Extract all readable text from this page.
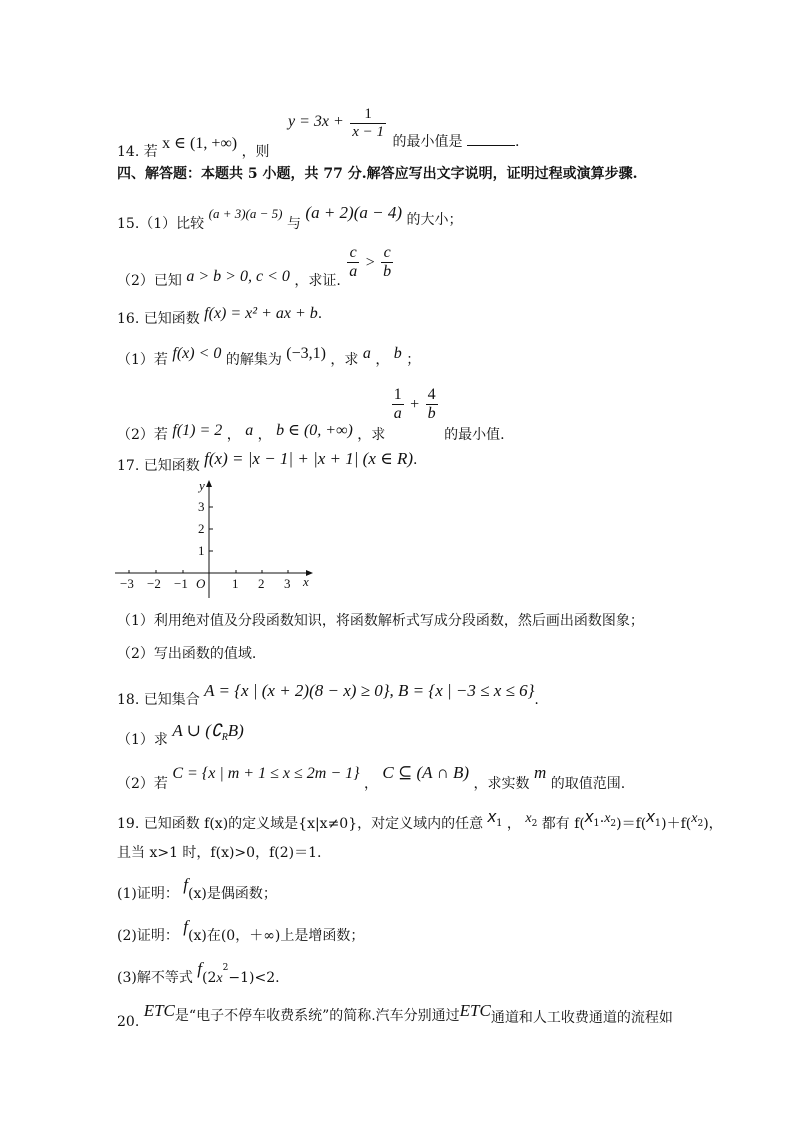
14. 若 x ∈ (1, +∞) ，则 $y = 3x + \frac{1}{x - 1}$
的最小值是	.
四、解答题：本题共 5 小题，共 77 分.解答应写出文字说明，证明过程或演算步骤.
15.（1）比较 (a + 3)(a − 5) 与 (a + 2)(a − 4) 的大小；
（2）已知 a > b > 0, c < 0 ，求证. $\frac{c}{a} > \frac{c}{b}$
16. 已知函数 f(x) = x² + ax + b.
（1）若 f(x) < 0 的解集为 (−3,1) ，求 a ， b ；
（2）若 f(1) = 2 ， a ， b ∈ (0, +∞) ，求
$\frac{1}{a} + \frac{4}{b}$
的最小值.
17. 已知函数 f(x) = |x − 1| + |x + 1| (x ∈ R).
−3 −2 −1 O 1 2 3 x
1
2
3
y
（1）利用绝对值及分段函数知识，将函数解析式写成分段函数，然后画出函数图象；
（2）写出函数的值域.
18. 已知集合 A = {x | (x + 2)(8 − x) ≥ 0}, B = {x | −3 ≤ x ≤ 6}.
（1）求 A ∪ $(∁_RB)$
（2）若 C = {x | m + 1 ≤ x ≤ 2m − 1} ， C ⊆ (A ∩ B) ，求实数 m 的取值范围.
19. 已知函数 f(x)的定义域是{x|x≠0}，对定义域内的任意 $x_1$ ， $x_2$ 都有 $f(x_1.x_2)=f(x_1)+f(x_2)$，
且当 x>1 时，f(x)>0，f(2)＝1.
(1)证明： f(x)是偶函数；
(2)证明： f(x)在(0，＋∞)上是增函数；
(3)解不等式 $f(2x^2-1)<2$.
20. ETC是“电子不停车收费系统”的简称.汽车分别通过ETC通道和人工收费通道的流程如
